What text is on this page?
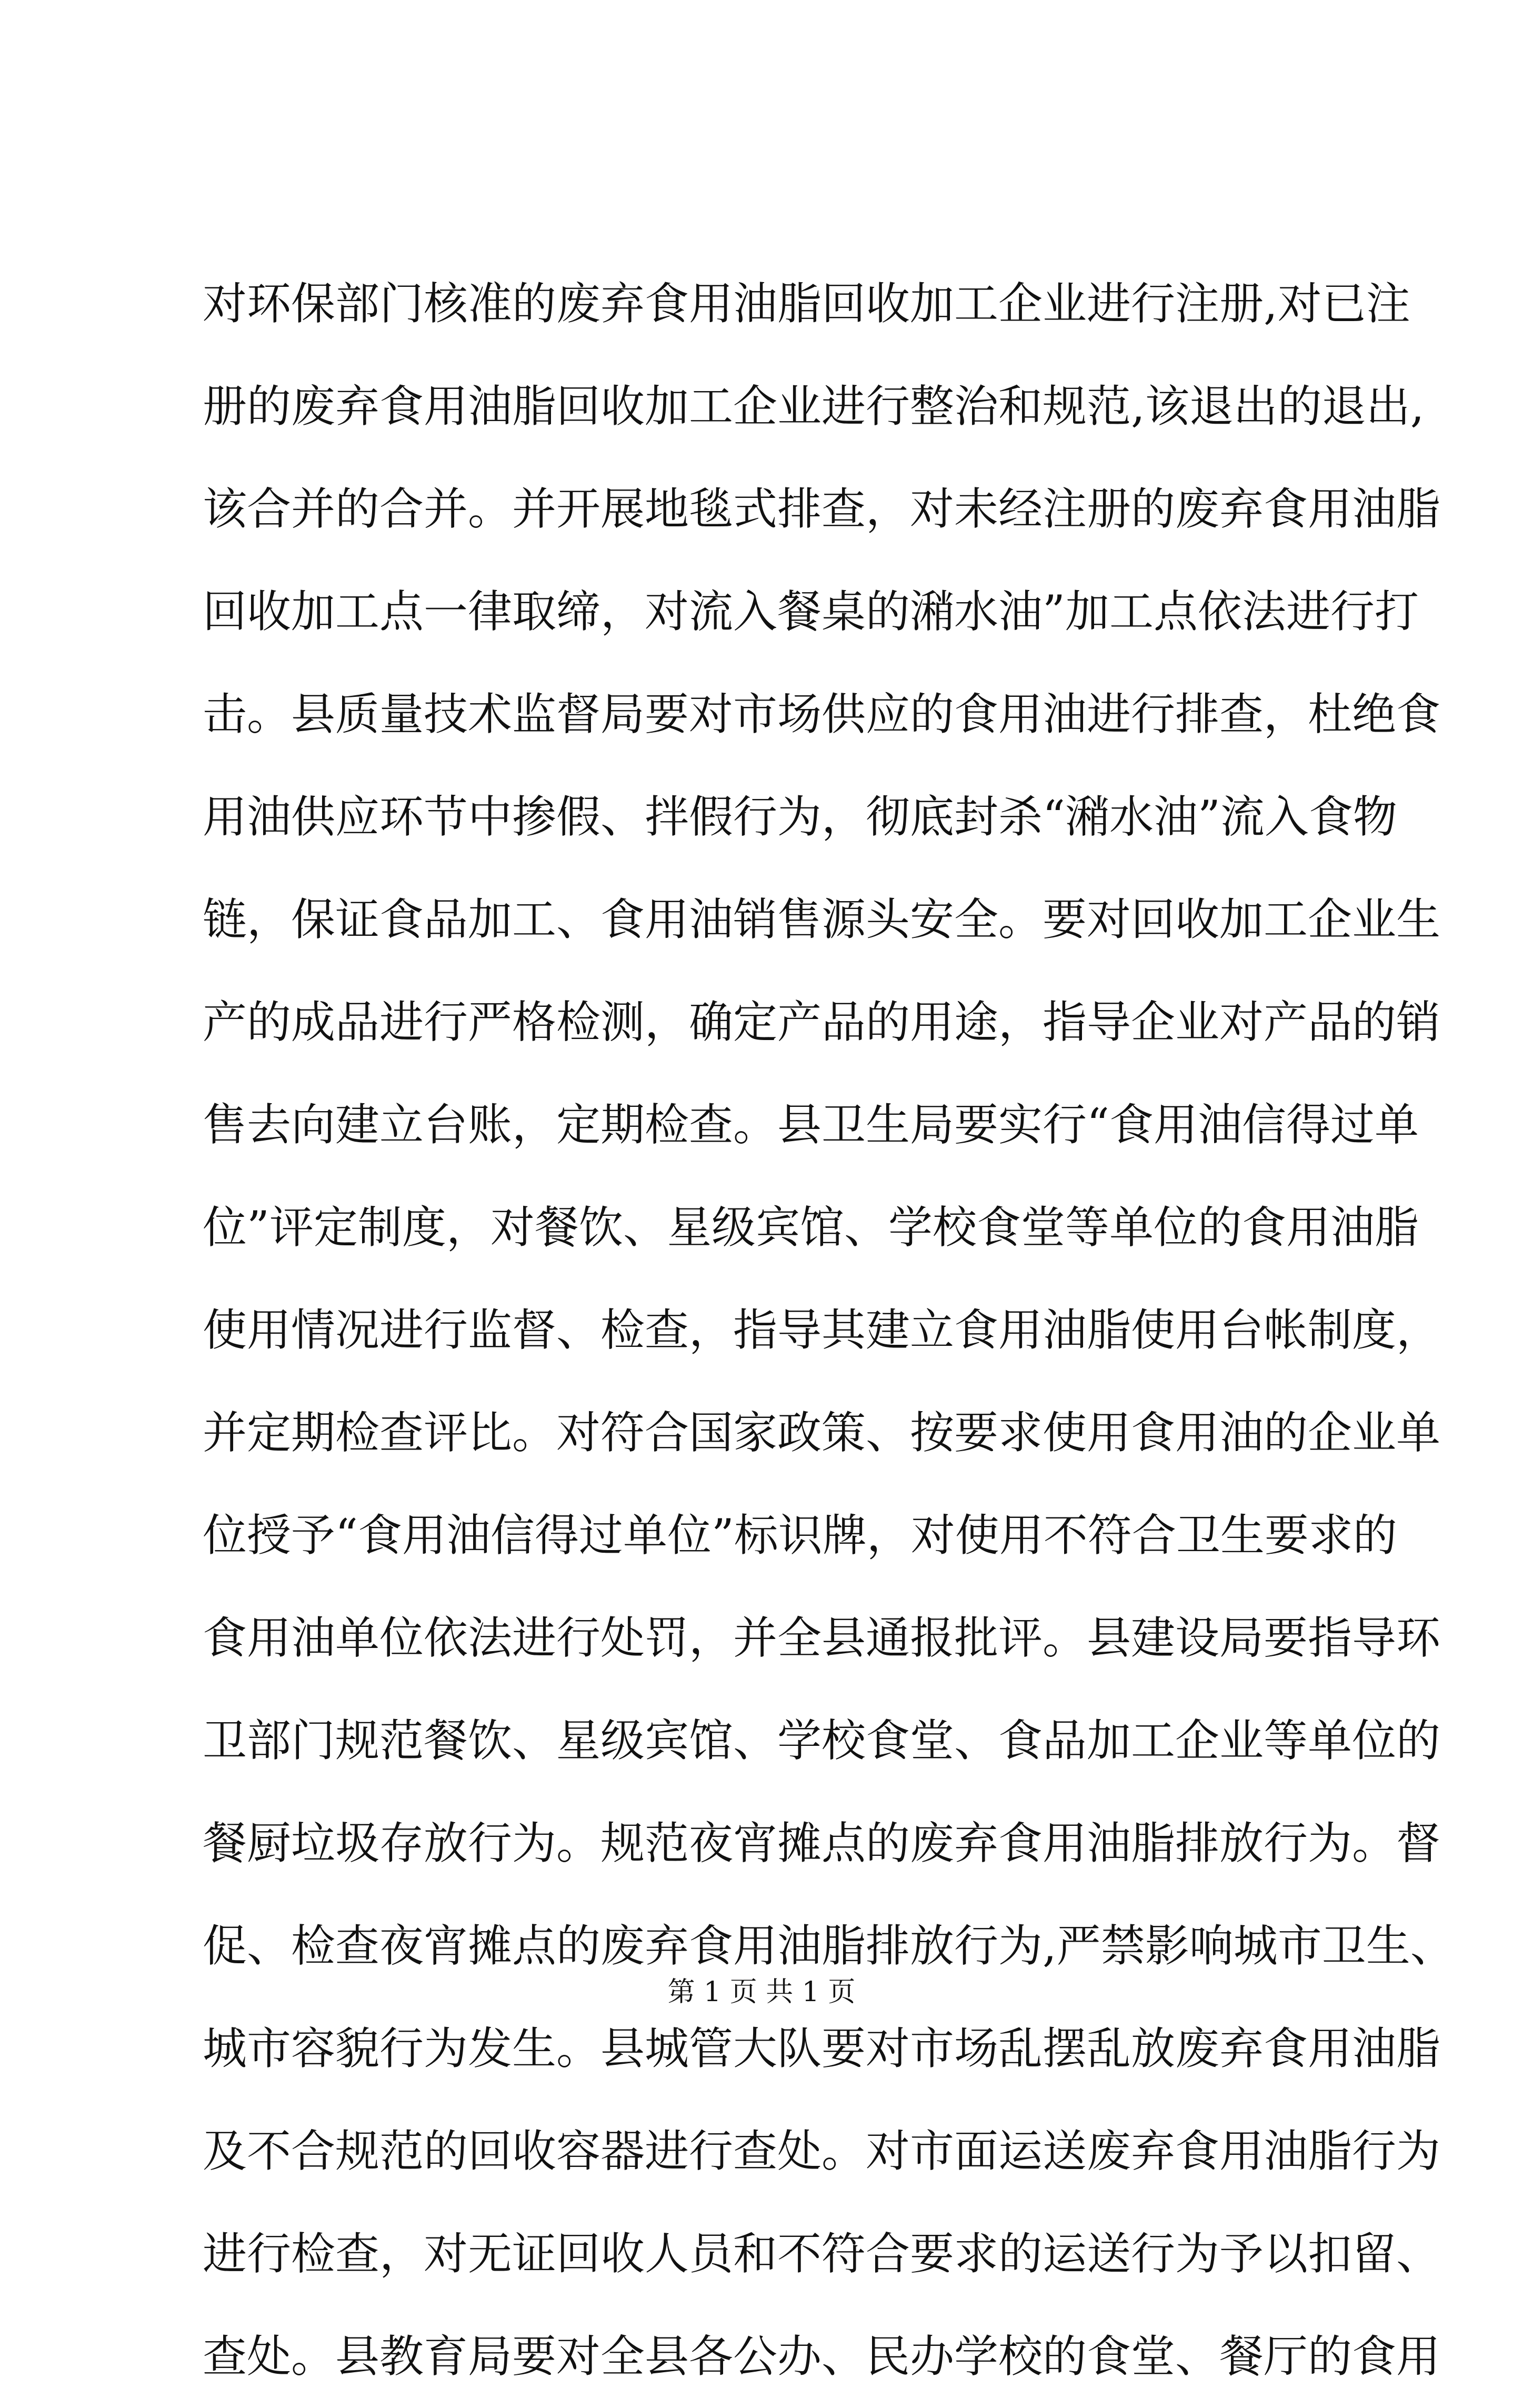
对环保部门核准的废弃食用油脂回收加工企业进行注册,对已注
册的废弃食用油脂回收加工企业进行整治和规范,该退出的退出,
该合并的合并。并开展地毯式排查，对未经注册的废弃食用油脂
回收加工点一律取缔，对流入餐桌的潲水油”加工点依法进行打
击。县质量技术监督局要对市场供应的食用油进行排查，杜绝食
用油供应环节中掺假、拌假行为，彻底封杀“潲水油”流入食物
链，保证食品加工、食用油销售源头安全。要对回收加工企业生
产的成品进行严格检测，确定产品的用途，指导企业对产品的销
售去向建立台账，定期检查。县卫生局要实行“食用油信得过单
位”评定制度，对餐饮、星级宾馆、学校食堂等单位的食用油脂
使用情况进行监督、检查，指导其建立食用油脂使用台帐制度，
并定期检查评比。对符合国家政策、按要求使用食用油的企业单
位授予“食用油信得过单位”标识牌，对使用不符合卫生要求的
食用油单位依法进行处罚，并全县通报批评。县建设局要指导环
卫部门规范餐饮、星级宾馆、学校食堂、食品加工企业等单位的
餐厨垃圾存放行为。规范夜宵摊点的废弃食用油脂排放行为。督
促、检查夜宵摊点的废弃食用油脂排放行为,严禁影响城市卫生、
城市容貌行为发生。县城管大队要对市场乱摆乱放废弃食用油脂
及不合规范的回收容器进行查处。对市面运送废弃食用油脂行为
进行检查，对无证回收人员和不符合要求的运送行为予以扣留、
查处。县教育局要对全县各公办、民办学校的食堂、餐厅的食用
第 1 页 共 1 页
